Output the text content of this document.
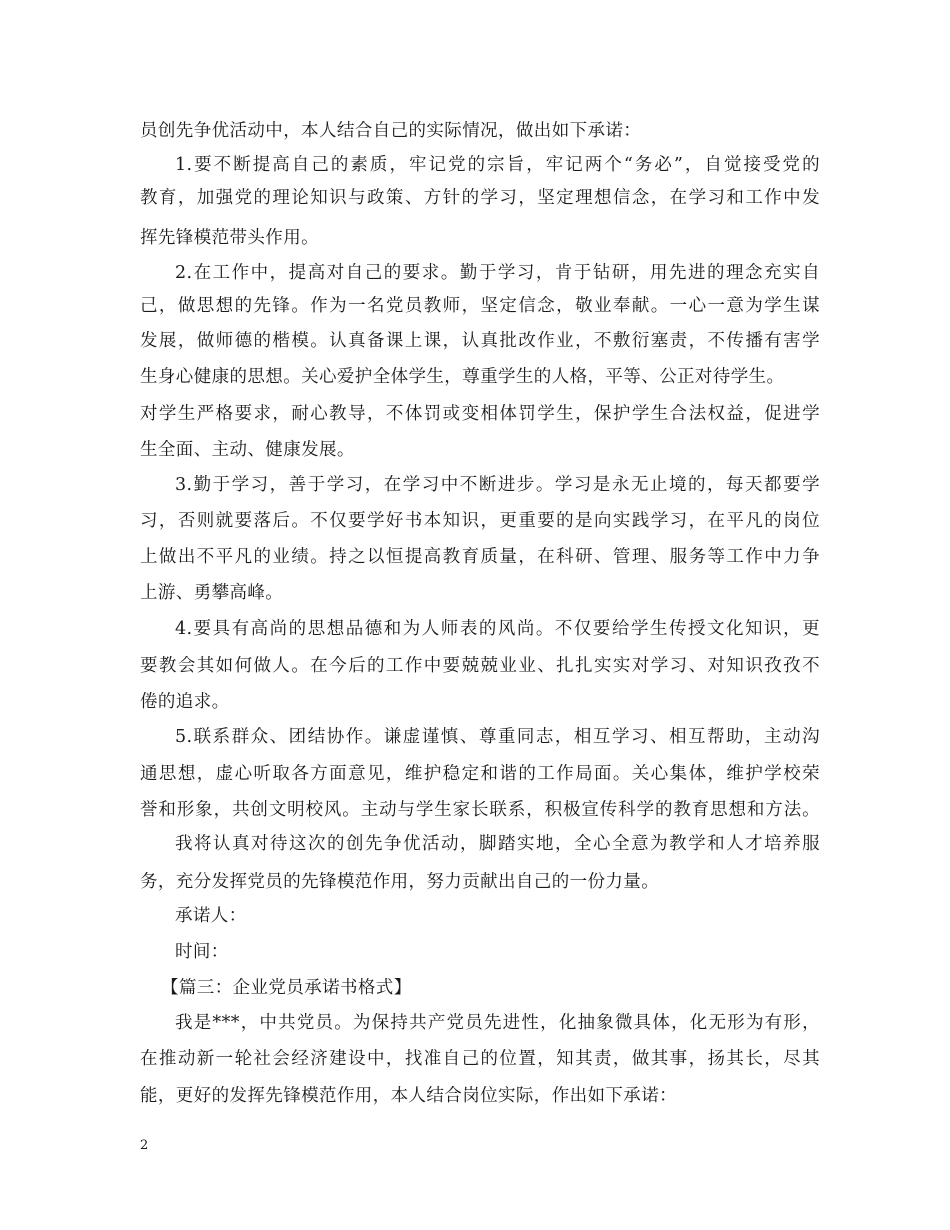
员创先争优活动中，本人结合自己的实际情况，做出如下承诺：
1.要不断提高自己的素质，牢记党的宗旨，牢记两个“务必”，自觉接受党的
教育，加强党的理论知识与政策、方针的学习，坚定理想信念，在学习和工作中发
挥先锋模范带头作用。
2.在工作中，提高对自己的要求。勤于学习，肯于钻研，用先进的理念充实自
己，做思想的先锋。作为一名党员教师，坚定信念，敬业奉献。一心一意为学生谋
发展，做师德的楷模。认真备课上课，认真批改作业，不敷衍塞责，不传播有害学
生身心健康的思想。关心爱护全体学生，尊重学生的人格，平等、公正对待学生。
对学生严格要求，耐心教导，不体罚或变相体罚学生，保护学生合法权益，促进学
生全面、主动、健康发展。
3.勤于学习，善于学习，在学习中不断进步。学习是永无止境的，每天都要学
习，否则就要落后。不仅要学好书本知识，更重要的是向实践学习，在平凡的岗位
上做出不平凡的业绩。持之以恒提高教育质量，在科研、管理、服务等工作中力争
上游、勇攀高峰。
4.要具有高尚的思想品德和为人师表的风尚。不仅要给学生传授文化知识，更
要教会其如何做人。在今后的工作中要兢兢业业、扎扎实实对学习、对知识孜孜不
倦的追求。
5.联系群众、团结协作。谦虚谨慎、尊重同志，相互学习、相互帮助，主动沟
通思想，虚心听取各方面意见，维护稳定和谐的工作局面。关心集体，维护学校荣
誉和形象，共创文明校风。主动与学生家长联系，积极宣传科学的教育思想和方法。
我将认真对待这次的创先争优活动，脚踏实地，全心全意为教学和人才培养服
务，充分发挥党员的先锋模范作用，努力贡献出自己的一份力量。
承诺人：
时间：
【篇三：企业党员承诺书格式】
我是***，中共党员。为保持共产党员先进性，化抽象微具体，化无形为有形，
在推动新一轮社会经济建设中，找准自己的位置，知其责，做其事，扬其长，尽其
能，更好的发挥先锋模范作用，本人结合岗位实际，作出如下承诺：
2
